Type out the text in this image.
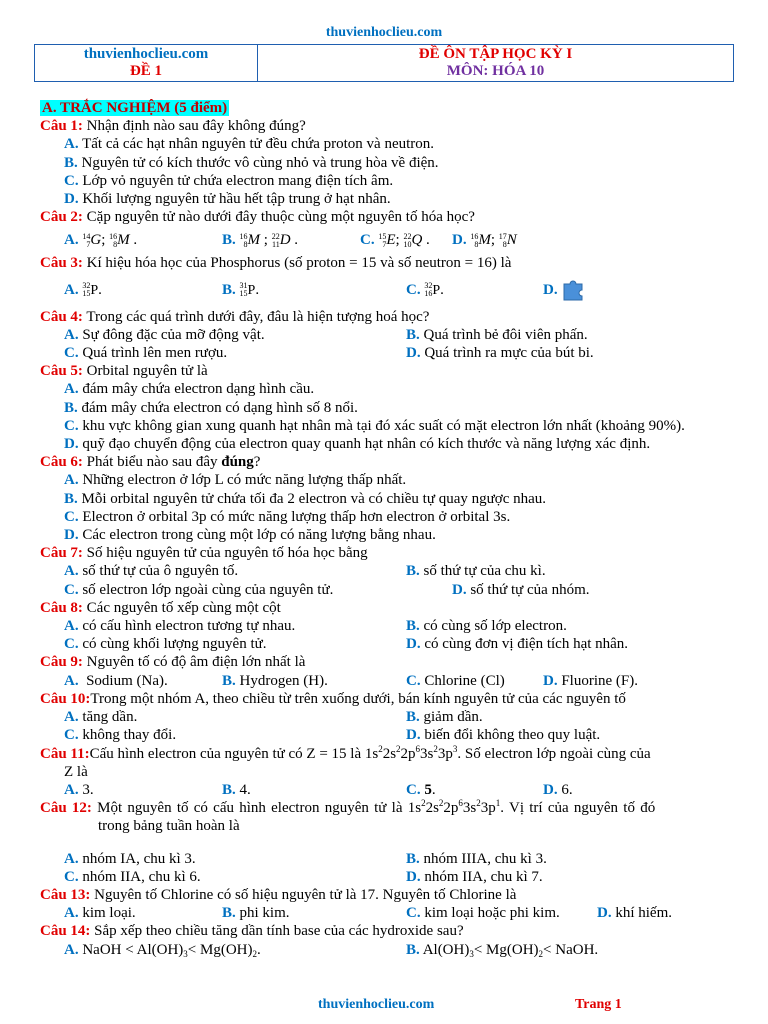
thuvienhoclieu.com
thuvienhoclieu.com
ĐỀ 1

ĐỀ ÔN TẬP HỌC KỲ I
MÔN: HÓA 10
A. TRẮC NGHIỆM (5 điểm)
Câu 1: Nhận định nào sau đây không đúng?
A. Tất cả các hạt nhân nguyên tử đều chứa proton và neutron.
B. Nguyên tử có kích thước vô cùng nhỏ và trung hòa về điện.
C. Lớp vỏ nguyên tử chứa electron mang điện tích âm.
D. Khối lượng nguyên tử hầu hết tập trung ở hạt nhân.
Câu 2: Cặp nguyên tử nào dưới đây thuộc cùng một nguyên tố hóa học?
A. 14
7 G; 16
8 M .	B. 16
8 M ; 22
11 D .	C. 15
7 E; 22
10 Q . D. 16
8 M; 17
8 N
Câu 3: Kí hiệu hóa học của Phosphorus (số proton = 15 và số neutron = 16) là
A. 32
15 P.	B. 31
15 P.	C. 32
16 P.	D.
Câu 4: Trong các quá trình dưới đây, đâu là hiện tượng hoá học?
A. Sự đông đặc của mỡ động vật.	B. Quá trình bẻ đôi viên phấn.
C. Quá trình lên men rượu.	D. Quá trình ra mực của bút bi.
Câu 5: Orbital nguyên tử là
A. đám mây chứa electron dạng hình cầu.
B. đám mây chứa electron có dạng hình số 8 nổi.
C. khu vực không gian xung quanh hạt nhân mà tại đó xác suất có mặt electron lớn nhất (khoảng 90%).
D. quỹ đạo chuyển động của electron quay quanh hạt nhân có kích thước và năng lượng xác định.
Câu 6: Phát biểu nào sau đây đúng?
A. Những electron ở lớp L có mức năng lượng thấp nhất.
B. Mỗi orbital nguyên tử chứa tối đa 2 electron và có chiều tự quay ngược nhau.
C. Electron ở orbital 3p có mức năng lượng thấp hơn electron ở orbital 3s.
D. Các electron trong cùng một lớp có năng lượng bằng nhau.
Câu 7: Số hiệu nguyên tử của nguyên tố hóa học bằng
A. số thứ tự của ô nguyên tố.	B. số thứ tự của chu kì.
C. số electron lớp ngoài cùng của nguyên tử.	D. số thứ tự của nhóm.
Câu 8: Các nguyên tố xếp cùng một cột
A. có cấu hình electron tương tự nhau.	B. có cùng số lớp electron.
C. có cùng khối lượng nguyên tử.	D. có cùng đơn vị điện tích hạt nhân.
Câu 9: Nguyên tố có độ âm điện lớn nhất là
A. Sodium (Na).	B. Hydrogen (H).	C. Chlorine (Cl)	D. Fluorine (F).
Câu 10:Trong một nhóm A, theo chiều từ trên xuống dưới, bán kính nguyên tử của các nguyên tố
A. tăng dần.	B. giảm dần.
C. không thay đổi.	D. biến đổi không theo quy luật.
Câu 11:Cấu hình electron của nguyên tử có Z = 15 là $1s^22s^22p^63s^23p^3$. Số electron lớp ngoài cùng của
Z là
A. 3.	B. 4.	C. 5.	D. 6.
Câu 12: Một nguyên tố có cấu hình electron nguyên tử là $1s^22s^22p^63s^23p^1$. Vị trí của nguyên tố đó
trong bảng tuần hoàn là
A. nhóm IA, chu kì 3.	B. nhóm IIIA, chu kì 3.
C. nhóm IIA, chu kì 6.	D. nhóm IIA, chu kì 7.
Câu 13: Nguyên tố Chlorine có số hiệu nguyên tử là 17. Nguyên tố Chlorine là
A. kim loại.	B. phi kim.	C. kim loại hoặc phi kim. D. khí hiếm.
Câu 14: Sắp xếp theo chiều tăng dần tính base của các hydroxide sau?
A. NaOH < $Al(OH)_3< Mg(OH)_2$.	B. $Al(OH)_3< Mg(OH)_2<$ NaOH.
thuvienhoclieu.com	Trang 1
